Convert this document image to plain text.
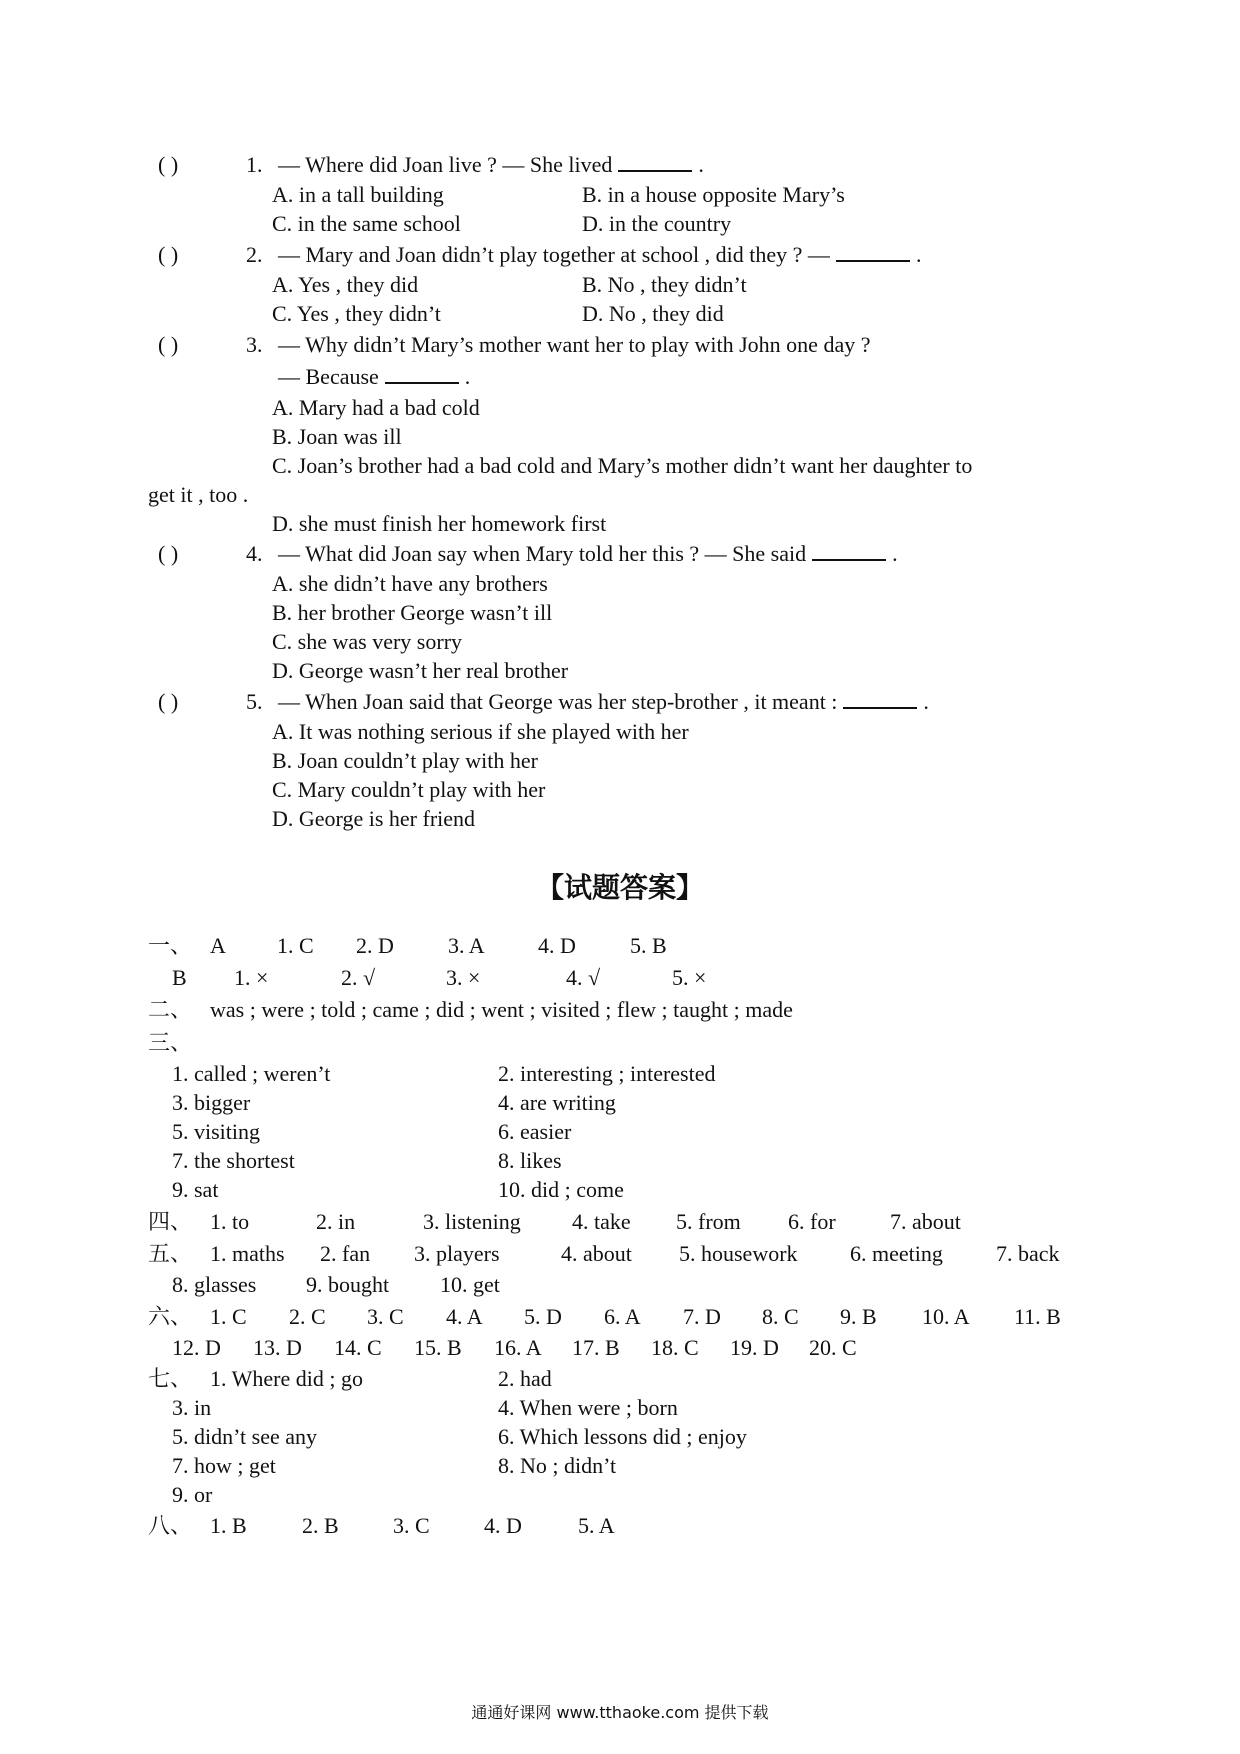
( )	1. — Where did Joan live ? — She lived	.
A. in a tall building	B. in a house opposite Mary’s
C. in the same school	D. in the country
( )	2. — Mary and Joan didn’t play together at school , did they ? —	.
A. Yes , they did	B. No , they didn’t
C. Yes , they didn’t	D. No , they did
( )	3. — Why didn’t Mary’s mother want her to play with John one day ?
— Because	.
A. Mary had a bad cold
B. Joan was ill
C. Joan’s brother had a bad cold and Mary’s mother didn’t want her daughter to
get it , too .
D. she must finish her homework first
( )	4. — What did Joan say when Mary told her this ? — She said	.
A. she didn’t have any brothers
B. her brother George wasn’t ill
C. she was very sorry
D. George wasn’t her real brother
( )	5. — When Joan said that George was her step-brother , it meant :	.
A. It was nothing serious if she played with her
B. Joan couldn’t play with her
C. Mary couldn’t play with her
D. George is her friend
【试题答案】
一、 A 1. C 2. D 3. A 4. D 5. B
B 1. ×	2. √	3. ×	4. √	5. ×
二、 was ; were ; told ; came ; did ; went ; visited ; flew ; taught ; made
三、
1. called ; weren’t	2. interesting ; interested
3. bigger	4. are writing
5. visiting	6. easier
7. the shortest	8. likes
9. sat	10. did ; come
四、 1. to	2. in	3. listening 4. take 5. from 6. for 7. about
五、 1. maths 2. fan 3. players	4. about 5. housework 6. meeting 7. back
8. glasses 9. bought 10. get
六、 1. C 2. C 3. C 4. A 5. D 6. A 7. D 8. C 9. B 10. A 11. B
12. D 13. D 14. C 15. B 16. A 17. B 18. C 19. D 20. C
七、 1. Where did ; go	2. had
3. in	4. When were ; born
5. didn’t see any	6. Which lessons did ; enjoy
7. how ; get	8. No ; didn’t
9. or
八、 1. B	2. B 3. C 4. D	5. A
通通好课网 www.tthaoke.com 提供下载
